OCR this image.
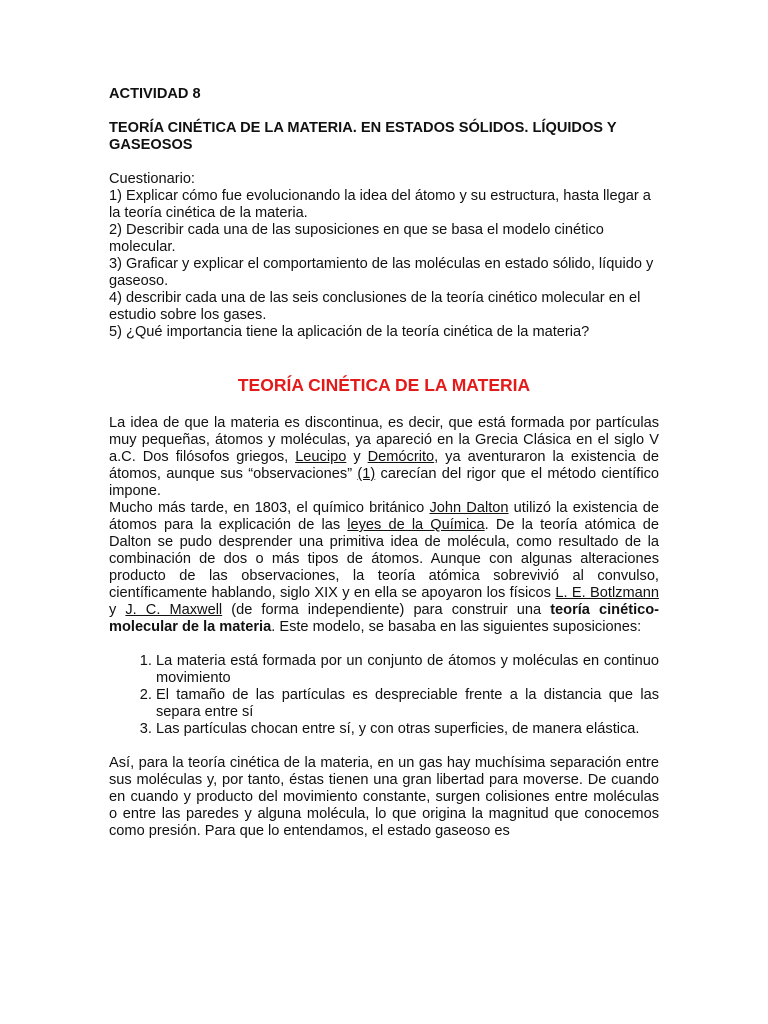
ACTIVIDAD 8

TEORÍA CINÉTICA DE LA MATERIA. EN ESTADOS SÓLIDOS. LÍQUIDOS Y GASEOSOS

Cuestionario:

1) Explicar cómo fue evolucionando la idea del átomo y su estructura, hasta llegar a la teoría cinética de la materia.

2) Describir cada una de las suposiciones en que se basa el modelo cinético molecular.

3) Graficar y explicar el comportamiento de las moléculas en estado sólido, líquido y gaseoso.

4) describir cada una de las seis conclusiones de la teoría cinético molecular en el estudio sobre los gases.

5) ¿Qué importancia tiene la aplicación de la teoría cinética de la materia?

TEORÍA CINÉTICA DE LA MATERIA

La idea de que la materia es discontinua, es decir, que está formada por partículas muy pequeñas, átomos y moléculas, ya apareció en la Grecia Clásica en el siglo V a.C. Dos filósofos griegos, Leucipo y Demócrito, ya aventuraron la existencia de átomos, aunque sus “observaciones” (1) carecían del rigor que el método científico impone.

Mucho más tarde, en 1803, el químico británico John Dalton utilizó la existencia de átomos para la explicación de las leyes de la Química. De la teoría atómica de Dalton se pudo desprender una primitiva idea de molécula, como resultado de la combinación de dos o más tipos de átomos. Aunque con algunas alteraciones producto de las observaciones, la teoría atómica sobrevivió al convulso, científicamente hablando, siglo XIX y en ella se apoyaron los físicos L. E. Botlzmann y J. C. Maxwell (de forma independiente) para construir una teoría cinético-molecular de la materia. Este modelo, se basaba en las siguientes suposiciones:

1. La materia está formada por un conjunto de átomos y moléculas en continuo movimiento
2. El tamaño de las partículas es despreciable frente a la distancia que las separa entre sí
3. Las partículas chocan entre sí, y con otras superficies, de manera elástica.

Así, para la teoría cinética de la materia, en un gas hay muchísima separación entre sus moléculas y, por tanto, éstas tienen una gran libertad para moverse. De cuando en cuando y producto del movimiento constante, surgen colisiones entre moléculas o entre las paredes y alguna molécula, lo que origina la magnitud que conocemos como presión. Para que lo entendamos, el estado gaseoso es
